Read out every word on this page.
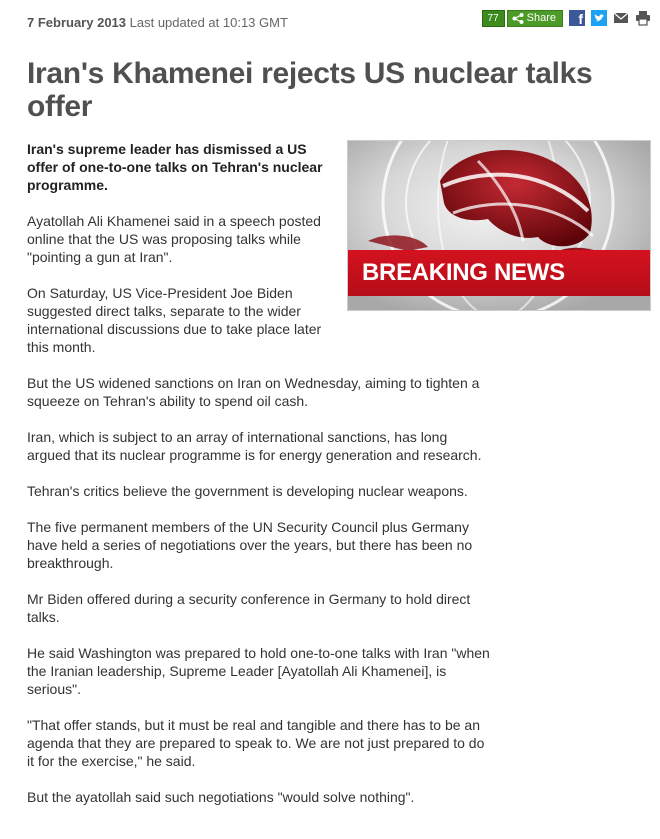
7 February 2013 Last updated at 10:13 GMT	77	Share f
Iran's Khamenei rejects US nuclear talks offer
BREAKING NEWS

Iran's supreme leader has dismissed a US offer of one-to-one talks on Tehran's nuclear programme.

Ayatollah Ali Khamenei said in a speech posted online that the US was proposing talks while "pointing a gun at Iran".

On Saturday, US Vice-President Joe Biden suggested direct talks, separate to the wider international discussions due to take place later this month.

But the US widened sanctions on Iran on Wednesday, aiming to tighten a squeeze on Tehran's ability to spend oil cash.

Iran, which is subject to an array of international sanctions, has long argued that its nuclear programme is for energy generation and research.

Tehran's critics believe the government is developing nuclear weapons.

The five permanent members of the UN Security Council plus Germany have held a series of negotiations over the years, but there has been no breakthrough.

Mr Biden offered during a security conference in Germany to hold direct talks.

He said Washington was prepared to hold one-to-one talks with Iran "when the Iranian leadership, Supreme Leader [Ayatollah Ali Khamenei], is serious".

"That offer stands, but it must be real and tangible and there has to be an agenda that they are prepared to speak to. We are not just prepared to do it for the exercise," he said.

But the ayatollah said such negotiations "would solve nothing".
